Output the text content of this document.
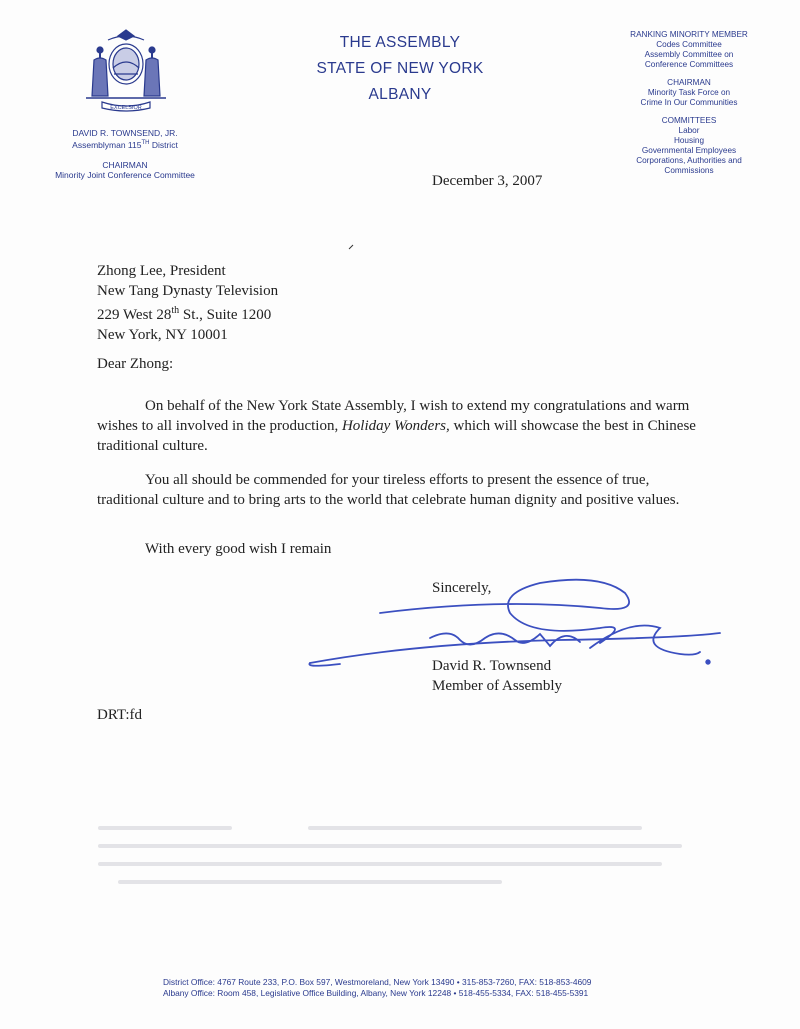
EXCELSIOR
DAVID R. TOWNSEND, JR.
Assemblyman 115TH District
CHAIRMAN
Minority Joint Conference Committee
THE ASSEMBLY
STATE OF NEW YORK
ALBANY
RANKING MINORITY MEMBER
Codes Committee
Assembly Committee on
Conference Committees
CHAIRMAN
Minority Task Force on
Crime In Our Communities
COMMITTEES
Labor
Housing
Governmental Employees
Corporations, Authorities and
Commissions
December 3, 2007
Zhong Lee, President
New Tang Dynasty Television
229 West 28th St., Suite 1200
New York, NY 10001
Dear Zhong:

On behalf of the New York State Assembly, I wish to extend my congratulations and warm wishes to all involved in the production, Holiday Wonders, which will showcase the best in Chinese traditional culture.

You all should be commended for your tireless efforts to present the essence of true, traditional culture and to bring arts to the world that celebrate human dignity and positive values.

With every good wish I remain
Sincerely,
David R. Townsend
Member of Assembly
DRT:fd
District Office: 4767 Route 233, P.O. Box 597, Westmoreland, New York 13490 • 315-853-7260, FAX: 518-853-4609
Albany Office: Room 458, Legislative Office Building, Albany, New York 12248 • 518-455-5334, FAX: 518-455-5391
